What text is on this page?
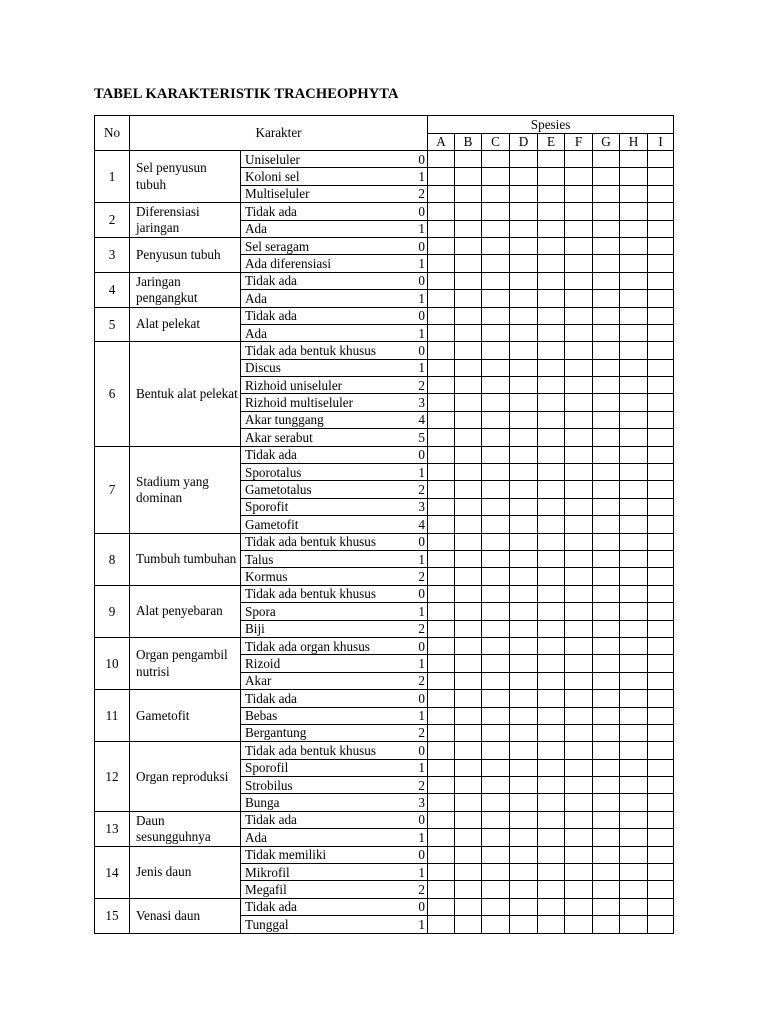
TABEL KARAKTERISTIK TRACHEOPHYTA
No	Karakter			Spesies								
				A	B	C	D	E	F	G	H	I
1	Sel penyusun tubuh	Uniseluler	0									
		Koloni sel	1									
		Multiseluler	2									
2	Diferensiasi jaringan	Tidak ada	0									
		Ada	1									
3	Penyusun tubuh	Sel seragam	0									
		Ada diferensiasi	1									
4	Jaringan pengangkut	Tidak ada	0									
		Ada	1									
5	Alat pelekat	Tidak ada	0									
		Ada	1									
6	Bentuk alat pelekat	Tidak ada bentuk khusus	0									
		Discus	1									
		Rizhoid uniseluler	2									
		Rizhoid multiseluler	3									
		Akar tunggang	4									
		Akar serabut	5									
7	Stadium yang dominan	Tidak ada	0									
		Sporotalus	1									
		Gametotalus	2									
		Sporofit	3									
		Gametofit	4									
8	Tumbuh tumbuhan	Tidak ada bentuk khusus	0									
		Talus	1									
		Kormus	2									
9	Alat penyebaran	Tidak ada bentuk khusus	0									
		Spora	1									
		Biji	2									
10	Organ pengambil nutrisi	Tidak ada organ khusus	0									
		Rizoid	1									
		Akar	2									
11	Gametofit	Tidak ada	0									
		Bebas	1									
		Bergantung	2									
12	Organ reproduksi	Tidak ada bentuk khusus	0									
		Sporofil	1									
		Strobilus	2									
		Bunga	3									
13	Daun sesungguhnya	Tidak ada	0									
		Ada	1									
14	Jenis daun	Tidak memiliki	0									
		Mikrofil	1									
		Megafil	2									
15	Venasi daun	Tidak ada	0									
		Tunggal	1									
